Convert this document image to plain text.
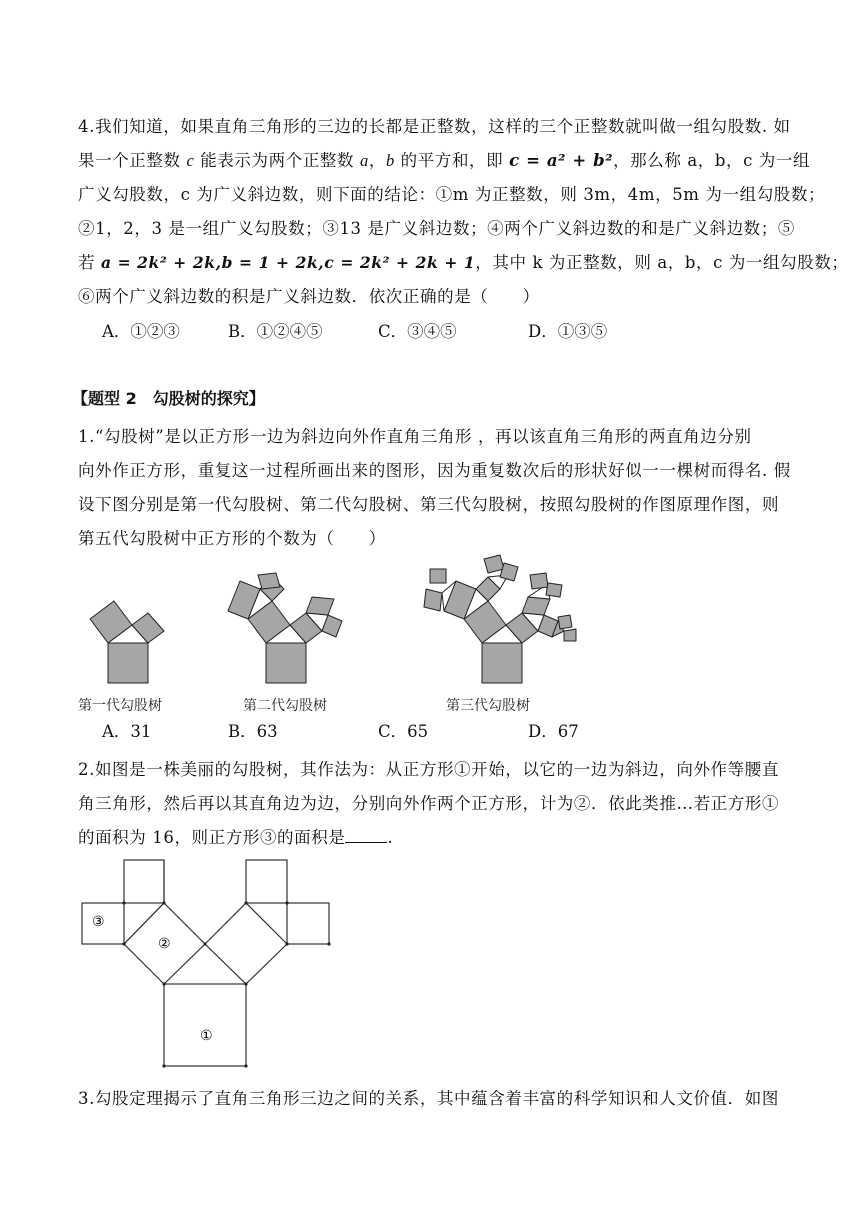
4.我们知道，如果直角三角形的三边的长都是正整数，这样的三个正整数就叫做一组勾股数. 如
果一个正整数 c 能表示为两个正整数 a，b 的平方和，即 c = a² + b²，那么称 a，b，c 为一组
广义勾股数，c 为广义斜边数，则下面的结论：①m 为正整数，则 3m，4m，5m 为一组勾股数；
②1，2，3 是一组广义勾股数；③13 是广义斜边数；④两个广义斜边数的和是广义斜边数；⑤
若 a = 2k² + 2k,b = 1 + 2k,c = 2k² + 2k + 1，其中 k 为正整数，则 a，b，c 为一组勾股数；
⑥两个广义斜边数的积是广义斜边数．依次正确的是（　　）
A．①②③	B．①②④⑤	C．③④⑤	D．①③⑤
【题型 2　勾股树的探究】
1.“勾股树”是以正方形一边为斜边向外作直角三角形 ，再以该直角三角形的两直角边分别
向外作正方形，重复这一过程所画出来的图形，因为重复数次后的形状好似一一棵树而得名. 假
设下图分别是第一代勾股树、第二代勾股树、第三代勾股树，按照勾股树的作图原理作图，则
第五代勾股树中正方形的个数为（　　）
第一代勾股树	第二代勾股树	第三代勾股树
A．31	B．63	C．65	D．67
2.如图是一株美丽的勾股树，其作法为：从正方形①开始，以它的一边为斜边，向外作等腰直
角三角形，然后再以其直角边为边，分别向外作两个正方形，计为②．依此类推…若正方形①
的面积为 16，则正方形③的面积是	.
③
②
①
3.勾股定理揭示了直角三角形三边之间的关系，其中蕴含着丰富的科学知识和人文价值．如图
